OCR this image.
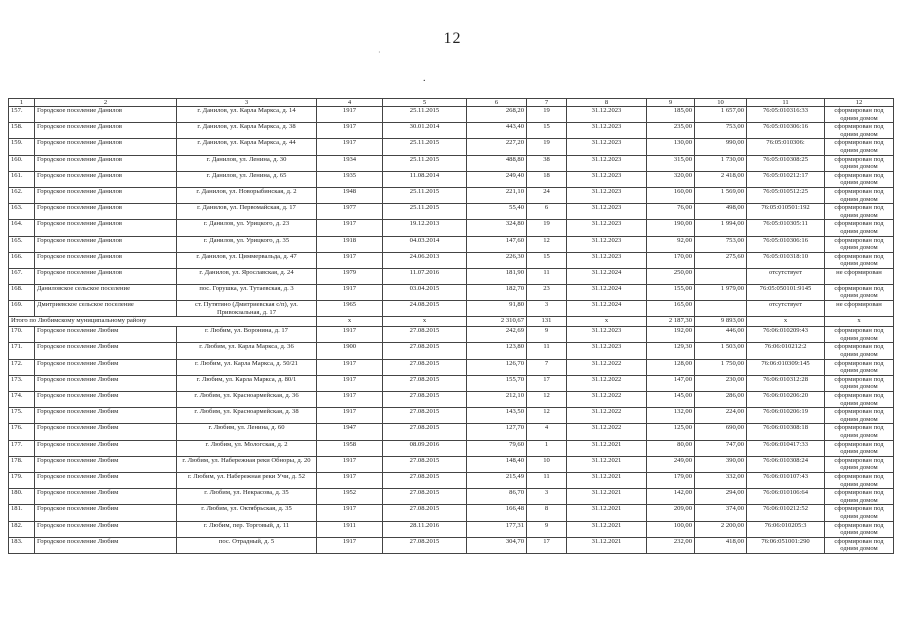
12
·
.
1	2	3	4	5	6	7	8	9	10	11	12
157.	Городское поселение Данилов	г. Данилов, ул. Карла Маркса, д. 14	1917	25.11.2015	268,20	19	31.12.2023	185,00	1 657,00	76:05:010316:33	сформирован под одним домом
158.	Городское поселение Данилов	г. Данилов, ул. Карла Маркса, д. 38	1917	30.01.2014	443,40	15	31.12.2023	235,00	753,00	76:05:010306:16	сформирован под одним домом
159.	Городское поселение Данилов	г. Данилов, ул. Карла Маркса, д. 44	1917	25.11.2015	227,20	19	31.12.2023	130,00	990,00	76:05:010306:	сформирован под одним домом
160.	Городское поселение Данилов	г. Данилов, ул. Ленина, д. 30	1934	25.11.2015	488,80	38	31.12.2023	315,00	1 730,00	76:05:010308:25	сформирован под одним домом
161.	Городское поселение Данилов	г. Данилов, ул. Ленина, д. 65	1935	11.08.2014	249,40	18	31.12.2023	320,00	2 418,00	76:05:010212:17	сформирован под одним домом
162.	Городское поселение Данилов	г. Данилов, ул. Новорыбинская, д. 2	1948	25.11.2015	221,10	24	31.12.2023	160,00	1 569,00	76:05:010512:25	сформирован под одним домом
163.	Городское поселение Данилов	г. Данилов, ул. Первомайская, д. 17	1977	25.11.2015	55,40	6	31.12.2023	76,00	498,00	76:05:010501:192	сформирован под одним домом
164.	Городское поселение Данилов	г. Данилов, ул. Урицкого, д. 23	1917	19.12.2013	324,80	19	31.12.2023	190,00	1 994,00	76:05:010305:11	сформирован под одним домом
165.	Городское поселение Данилов	г. Данилов, ул. Урицкого, д. 35	1918	04.03.2014	147,60	12	31.12.2023	92,00	753,00	76:05:010306:16	сформирован под одним домом
166.	Городское поселение Данилов	г. Данилов, ул. Циммервальда, д. 47	1917	24.06.2013	226,30	15	31.12.2023	170,00	275,60	76:05:010318:10	сформирован под одним домом
167.	Городское поселение Данилов	г. Данилов, ул. Ярославская, д. 24	1979	11.07.2016	181,90	11	31.12.2024	250,00		отсутствует	не сформирован
168.	Даниловское сельское поселение	пос. Горушка, ул. Тутаевская, д. 3	1917	03.04.2015	182,70	23	31.12.2024	155,00	1 979,00	76:05:050101:9145	сформирован под одним домом
169.	Дмитриевское сельское поселение	ст. Путятино (Дмитриевская с/п), ул. Привокзальная, д. 17	1965	24.08.2015	91,80	3	31.12.2024	165,00		отсутствует	не сформирован
Итого по Любимскому муниципальному району			x	x	2 310,67	131	x	2 187,30	9 893,00	x	x
170.	Городское поселение Любим	г. Любим, ул. Воронина, д. 17	1917	27.08.2015	242,69	9	31.12.2023	192,00	446,00	76:06:010209:43	сформирован под одним домом
171.	Городское поселение Любим	г. Любим, ул. Карла Маркса, д. 36	1900	27.08.2015	123,80	11	31.12.2023	129,30	1 503,00	76:06:010212:2	сформирован под одним домом
172.	Городское поселение Любим	г. Любим, ул. Карла Маркса, д. 50/21	1917	27.08.2015	126,70	7	31.12.2022	128,00	1 750,00	76:06:010309:145	сформирован под одним домом
173.	Городское поселение Любим	г. Любим, ул. Карла Маркса, д. 80/1	1917	27.08.2015	155,70	17	31.12.2022	147,00	230,00	76:06:010312:28	сформирован под одним домом
174.	Городское поселение Любим	г. Любим, ул. Красноармейская, д. 36	1917	27.08.2015	212,10	12	31.12.2022	145,00	286,00	76:06:010206:20	сформирован под одним домом
175.	Городское поселение Любим	г. Любим, ул. Красноармейская, д. 38	1917	27.08.2015	143,50	12	31.12.2022	132,00	224,00	76:06:010206:19	сформирован под одним домом
176.	Городское поселение Любим	г. Любим, ул. Ленина, д. 60	1947	27.08.2015	127,70	4	31.12.2022	125,00	690,00	76:06:010308:18	сформирован под одним домом
177.	Городское поселение Любим	г. Любим, ул. Мологская, д. 2	1958	08.09.2016	79,60	1	31.12.2021	80,00	747,00	76:06:010417:33	сформирован под одним домом
178.	Городское поселение Любим	г. Любим, ул. Набережная реки Обноры, д. 20	1917	27.08.2015	148,40	10	31.12.2021	249,00	390,00	76:06:010308:24	сформирован под одним домом
179.	Городское поселение Любим	г. Любим, ул. Набережная реки Учи, д. 52	1917	27.08.2015	215,49	11	31.12.2021	179,00	332,00	76:06:010107:43	сформирован под одним домом
180.	Городское поселение Любим	г. Любим, ул. Некрасова, д. 35	1952	27.08.2015	86,70	3	31.12.2021	142,00	294,00	76:06:010106:64	сформирован под одним домом
181.	Городское поселение Любим	г. Любим, ул. Октябрьская, д. 35	1917	27.08.2015	166,48	8	31.12.2021	209,00	374,00	76:06:010212:52	сформирован под одним домом
182.	Городское поселение Любим	г. Любим, пер. Торговый, д. 11	1911	28.11.2016	177,31	9	31.12.2021	100,00	2 200,00	76:06:010205:3	сформирован под одним домом
183.	Городское поселение Любим	пос. Отрадный, д. 5	1917	27.08.2015	304,70	17	31.12.2021	232,00	418,00	76:06:051001:290	сформирован под одним домом
